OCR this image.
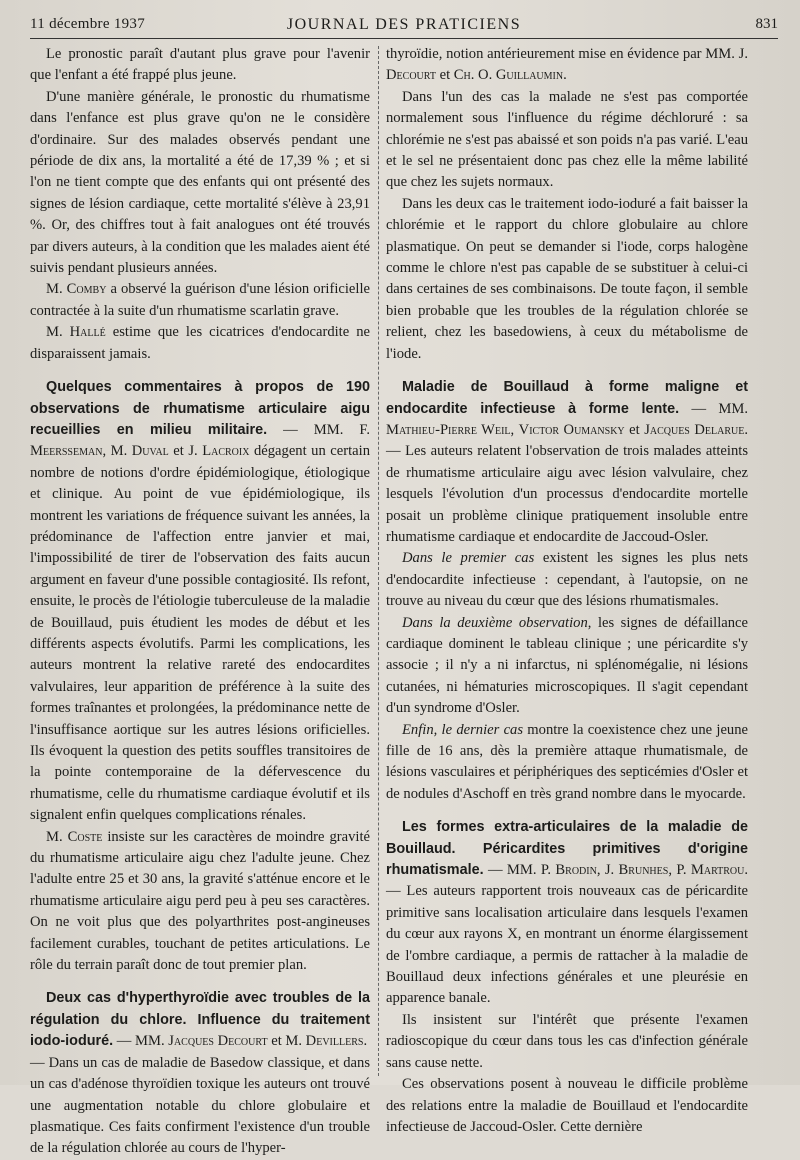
11 décembre 1937	JOURNAL DES PRATICIENS	831

Le pronostic paraît d'autant plus grave pour l'avenir que l'enfant a été frappé plus jeune.

D'une manière générale, le pronostic du rhumatisme dans l'enfance est plus grave qu'on ne le considère d'ordinaire. Sur des malades observés pendant une période de dix ans, la mortalité a été de 17,39 % ; et si l'on ne tient compte que des enfants qui ont présenté des signes de lésion cardiaque, cette mortalité s'élève à 23,91 %. Or, des chiffres tout à fait analogues ont été trouvés par divers auteurs, à la condition que les malades aient été suivis pendant plusieurs années.

M. Comby a observé la guérison d'une lésion orificielle contractée à la suite d'un rhumatisme scarlatin grave.

M. Hallé estime que les cicatrices d'endocardite ne disparaissent jamais.

Quelques commentaires à propos de 190 observations de rhumatisme articulaire aigu recueillies en milieu militaire. — MM. F. Meersseman, M. Duval et J. Lacroix dégagent un certain nombre de notions d'ordre épidémiologique, étiologique et clinique. Au point de vue épidémiologique, ils montrent les variations de fréquence suivant les années, la prédominance de l'affection entre janvier et mai, l'impossibilité de tirer de l'observation des faits aucun argument en faveur d'une possible contagiosité. Ils refont, ensuite, le procès de l'étiologie tuberculeuse de la maladie de Bouillaud, puis étudient les modes de début et les différents aspects évolutifs. Parmi les complications, les auteurs montrent la relative rareté des endocardites valvulaires, leur apparition de préférence à la suite des formes traînantes et prolongées, la prédominance nette de l'insuffisance aortique sur les autres lésions orificielles. Ils évoquent la question des petits souffles transitoires de la pointe contemporaine de la défervescence du rhumatisme, celle du rhumatisme cardiaque évolutif et ils signalent enfin quelques complications rénales.

M. Coste insiste sur les caractères de moindre gravité du rhumatisme articulaire aigu chez l'adulte jeune. Chez l'adulte entre 25 et 30 ans, la gravité s'atténue encore et le rhumatisme articulaire aigu perd peu à peu ses caractères. On ne voit plus que des polyarthrites post-angineuses facilement curables, touchant de petites articulations. Le rôle du terrain paraît donc de tout premier plan.

Deux cas d'hyperthyroïdie avec troubles de la régulation du chlore. Influence du traitement iodo-ioduré. — MM. Jacques Decourt et M. Devillers.

— Dans un cas de maladie de Basedow classique, et dans un cas d'adénose thyroïdien toxique les auteurs ont trouvé une augmentation notable du chlore globulaire et plasmatique. Ces faits confirment l'existence d'un trouble de la régulation chlorée au cours de l'hyper-

thyroïdie, notion antérieurement mise en évidence par MM. J. Decourt et Ch. O. Guillaumin.

Dans l'un des cas la malade ne s'est pas comportée normalement sous l'influence du régime déchloruré : sa chlorémie ne s'est pas abaissé et son poids n'a pas varié. L'eau et le sel ne présentaient donc pas chez elle la même labilité que chez les sujets normaux.

Dans les deux cas le traitement iodo-ioduré a fait baisser la chlorémie et le rapport du chlore globulaire au chlore plasmatique. On peut se demander si l'iode, corps halogène comme le chlore n'est pas capable de se substituer à celui-ci dans certaines de ses combinaisons. De toute façon, il semble bien probable que les troubles de la régulation chlorée se relient, chez les basedowiens, à ceux du métabolisme de l'iode.

Maladie de Bouillaud à forme maligne et endocardite infectieuse à forme lente. — MM. Mathieu-Pierre Weil, Victor Oumansky et Jacques Delarue. — Les auteurs relatent l'observation de trois malades atteints de rhumatisme articulaire aigu avec lésion valvulaire, chez lesquels l'évolution d'un processus d'endocardite mortelle posait un problème clinique pratiquement insoluble entre rhumatisme cardiaque et endocardite de Jaccoud-Osler.

Dans le premier cas existent les signes les plus nets d'endocardite infectieuse : cependant, à l'autopsie, on ne trouve au niveau du cœur que des lésions rhumatismales.

Dans la deuxième observation, les signes de défaillance cardiaque dominent le tableau clinique ; une péricardite s'y associe ; il n'y a ni infarctus, ni splénomégalie, ni lésions cutanées, ni hématuries microscopiques. Il s'agit cependant d'un syndrome d'Osler.

Enfin, le dernier cas montre la coexistence chez une jeune fille de 16 ans, dès la première attaque rhumatismale, de lésions vasculaires et périphériques des septicémies d'Osler et de nodules d'Aschoff en très grand nombre dans le myocarde.

Les formes extra-articulaires de la maladie de Bouillaud. Péricardites primitives d'origine rhumatismale. — MM. P. Brodin, J. Brunhes, P. Martrou. — Les auteurs rapportent trois nouveaux cas de péricardite primitive sans localisation articulaire dans lesquels l'examen du cœur aux rayons X, en montrant un énorme élargissement de l'ombre cardiaque, a permis de rattacher à la maladie de Bouillaud deux infections générales et une pleurésie en apparence banale.

Ils insistent sur l'intérêt que présente l'examen radioscopique du cœur dans tous les cas d'infection générale sans cause nette.

Ces observations posent à nouveau le difficile problème des relations entre la maladie de Bouillaud et l'endocardite infectieuse de Jaccoud-Osler. Cette dernière
